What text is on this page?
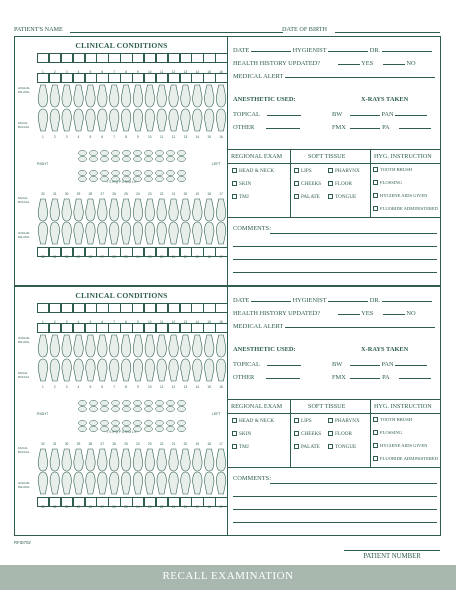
PATIENT'S NAME	DATE OF BIRTH
CLINICAL CONDITIONS
1	2	3	4	5	6	7	8	9	10	11	12	13	14	15	16
LINGUAL
PALATAL
FACIAL
BUCCAL
1	2	3	4	5	6	7	8	9	10	11	12	13	14	15	16
RIGHT	LEFT
T S R Q P O N M L K
32	31	30	29	28	27	26	25	24	23	22	21	20	19	18	17
FACIAL
BUCCAL
LINGUAL
PALATAL
32	31	30	29	28	27	26	25	24	23	22	21	20	19	18	17
DATE	HYGIENIST	DR.
HEALTH HISTORY UPDATED?	YES	NO
MEDICAL ALERT
ANESTHETIC USED:	X-RAYS TAKEN
TOPICAL	BW	PAN
OTHER	FMX	PA
REGIONAL EXAM	SOFT TISSUE	HYG. INSTRUCTION
HEAD & NECK
SKIN
TMJ
LIPS
CHEEKS
PALATE
PHARYNX
FLOOR
TONGUE
TOOTH BRUSH
FLOSSING
HYGIENE AIDS GIVEN
FLUORIDE ADMINISTERED
COMMENTS:
CLINICAL CONDITIONS
1	2	3	4	5	6	7	8	9	10	11	12	13	14	15	16
LINGUAL
PALATAL
FACIAL
BUCCAL
1	2	3	4	5	6	7	8	9	10	11	12	13	14	15	16
RIGHT	LEFT
T S R Q P O N M L K
32	31	30	29	28	27	26	25	24	23	22	21	20	19	18	17
FACIAL
BUCCAL
LINGUAL
PALATAL
32	31	30	29	28	27	26	25	24	23	22	21	20	19	18	17
DATE	HYGIENIST	DR.
HEALTH HISTORY UPDATED?	YES	NO
MEDICAL ALERT
ANESTHETIC USED:	X-RAYS TAKEN
TOPICAL	BW	PAN
OTHER	FMX	PA
REGIONAL EXAM	SOFT TISSUE	HYG. INSTRUCTION
HEAD & NECK
SKIN
TMJ
LIPS
CHEEKS
PALATE
PHARYNX
FLOOR
TONGUE
TOOTH BRUSH
FLOSSING
HYGIENE AIDS GIVEN
FLUORIDE ADMINISTERED
COMMENTS:
RFID702
PATIENT NUMBER
RECALL EXAMINATION
